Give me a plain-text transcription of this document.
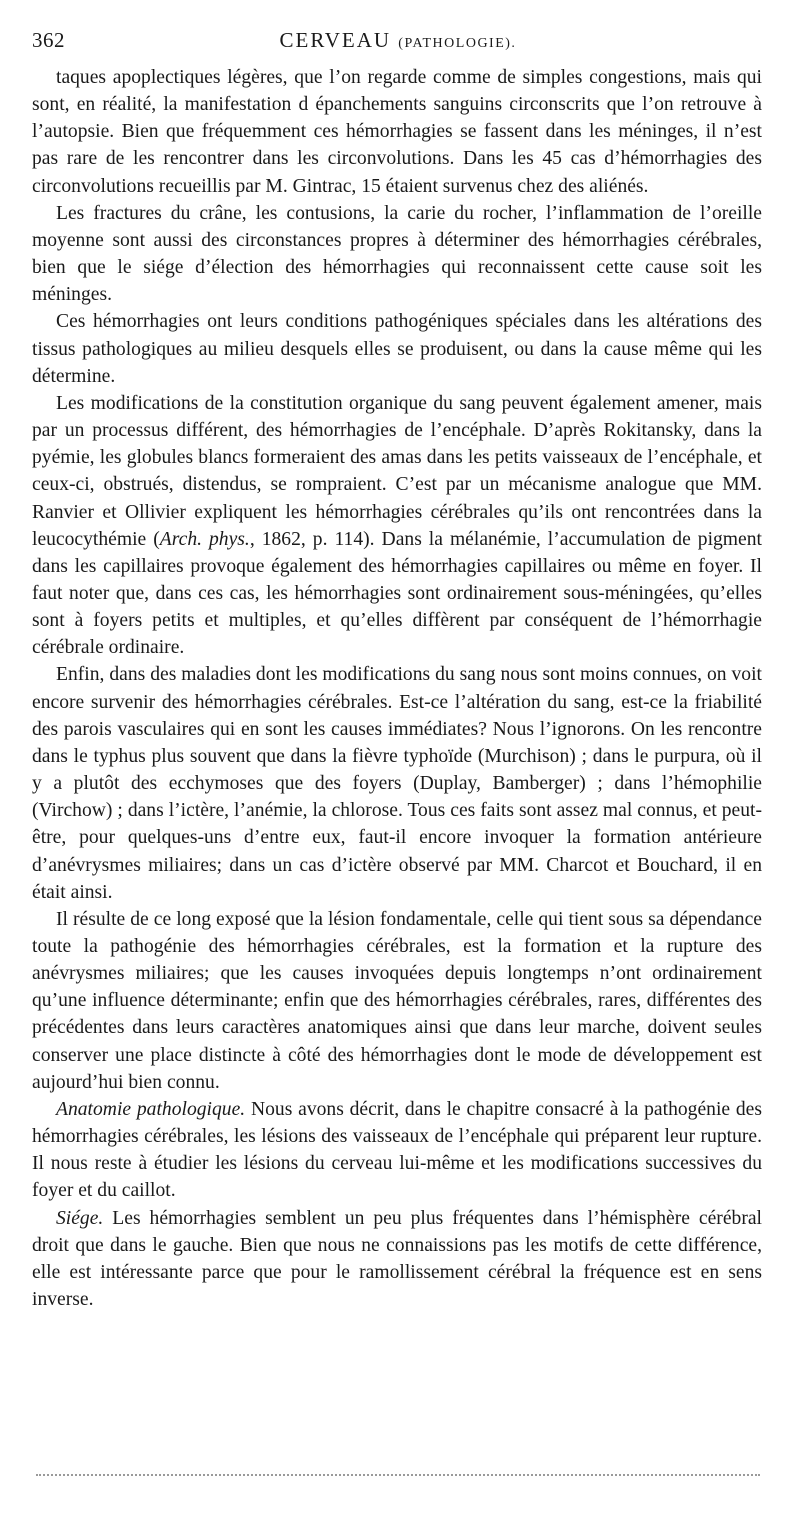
362	CERVEAU (PATHOLOGIE).

taques apoplectiques légères, que l’on regarde comme de simples congestions, mais qui sont, en réalité, la manifestation d épanchements sanguins circonscrits que l’on retrouve à l’autopsie. Bien que fréquemment ces hémorrhagies se fassent dans les méninges, il n’est pas rare de les rencontrer dans les circonvolutions. Dans les 45 cas d’hémorrhagies des circonvolutions recueillis par M. Gintrac, 15 étaient survenus chez des aliénés.

Les fractures du crâne, les contusions, la carie du rocher, l’inflammation de l’oreille moyenne sont aussi des circonstances propres à déterminer des hémorrhagies cérébrales, bien que le siége d’élection des hémorrhagies qui reconnaissent cette cause soit les méninges.

Ces hémorrhagies ont leurs conditions pathogéniques spéciales dans les altérations des tissus pathologiques au milieu desquels elles se produisent, ou dans la cause même qui les détermine.

Les modifications de la constitution organique du sang peuvent également amener, mais par un processus différent, des hémorrhagies de l’encéphale. D’après Rokitansky, dans la pyémie, les globules blancs formeraient des amas dans les petits vaisseaux de l’encéphale, et ceux-ci, obstrués, distendus, se rompraient. C’est par un mécanisme analogue que MM. Ranvier et Ollivier expliquent les hémorrhagies cérébrales qu’ils ont rencontrées dans la leucocythémie (Arch. phys., 1862, p. 114). Dans la mélanémie, l’accumulation de pigment dans les capillaires provoque également des hémorrhagies capillaires ou même en foyer. Il faut noter que, dans ces cas, les hémorrhagies sont ordinairement sous-méningées, qu’elles sont à foyers petits et multiples, et qu’elles diffèrent par conséquent de l’hémorrhagie cérébrale ordinaire.

Enfin, dans des maladies dont les modifications du sang nous sont moins connues, on voit encore survenir des hémorrhagies cérébrales. Est-ce l’altération du sang, est-ce la friabilité des parois vasculaires qui en sont les causes immédiates? Nous l’ignorons. On les rencontre dans le typhus plus souvent que dans la fièvre typhoïde (Murchison) ; dans le purpura, où il y a plutôt des ecchymoses que des foyers (Duplay, Bamberger) ; dans l’hémophilie (Virchow) ; dans l’ictère, l’anémie, la chlorose. Tous ces faits sont assez mal connus, et peut-être, pour quelques-uns d’entre eux, faut-il encore invoquer la formation antérieure d’anévrysmes miliaires; dans un cas d’ictère observé par MM. Charcot et Bouchard, il en était ainsi.

Il résulte de ce long exposé que la lésion fondamentale, celle qui tient sous sa dépendance toute la pathogénie des hémorrhagies cérébrales, est la formation et la rupture des anévrysmes miliaires; que les causes invoquées depuis longtemps n’ont ordinairement qu’une influence déterminante; enfin que des hémorrhagies cérébrales, rares, différentes des précédentes dans leurs caractères anatomiques ainsi que dans leur marche, doivent seules conserver une place distincte à côté des hémorrhagies dont le mode de développement est aujourd’hui bien connu.

Anatomie pathologique. Nous avons décrit, dans le chapitre consacré à la pathogénie des hémorrhagies cérébrales, les lésions des vaisseaux de l’encéphale qui préparent leur rupture. Il nous reste à étudier les lésions du cerveau lui-même et les modifications successives du foyer et du caillot.

Siége. Les hémorrhagies semblent un peu plus fréquentes dans l’hémisphère cérébral droit que dans le gauche. Bien que nous ne connaissions pas les motifs de cette différence, elle est intéressante parce que pour le ramollissement cérébral la fréquence est en sens inverse.
